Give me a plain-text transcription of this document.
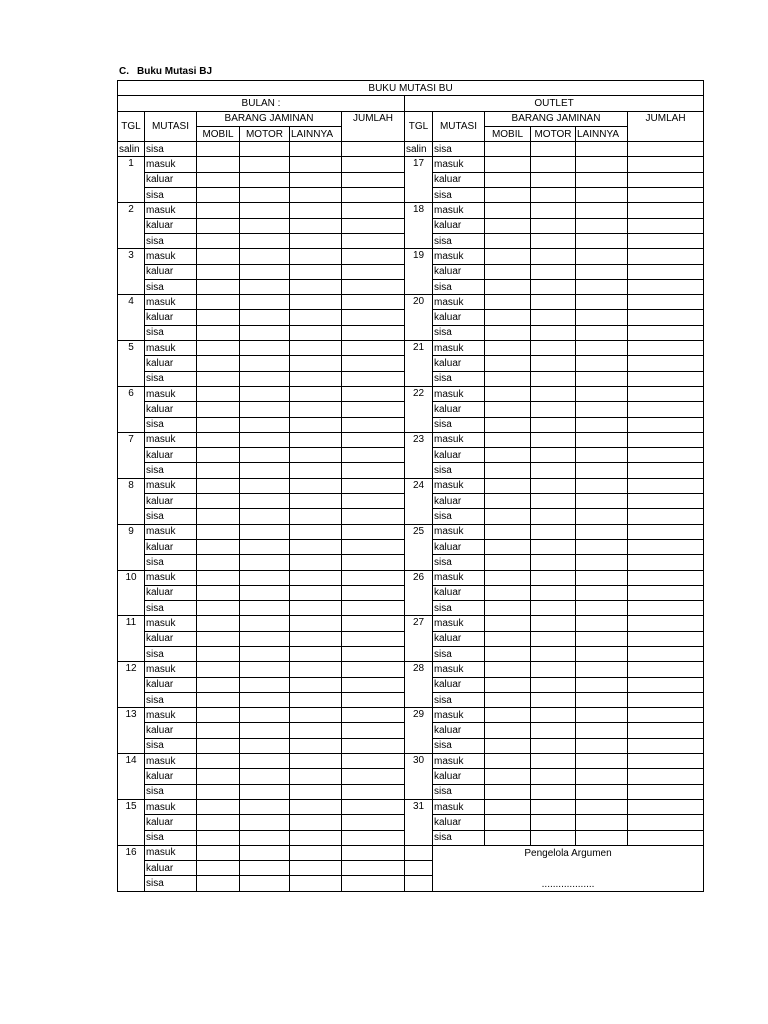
C. Buku Mutasi BJ
BUKU MUTASI BU											
BULAN :						OUTLET					
TGL	MUTASI	BARANG JAMINAN			JUMLAH	TGL	MUTASI	BARANG JAMINAN			JUMLAH
		MOBIL	MOTOR	LAINNYA				MOBIL	MOTOR	LAINNYA	
salin	sisa					salin	sisa				
1	masuk					17	masuk				
	kaluar						kaluar				
	sisa						sisa				
2	masuk					18	masuk				
	kaluar						kaluar				
	sisa						sisa				
3	masuk					19	masuk				
	kaluar						kaluar				
	sisa						sisa				
4	masuk					20	masuk				
	kaluar						kaluar				
	sisa						sisa				
5	masuk					21	masuk				
	kaluar						kaluar				
	sisa						sisa				
6	masuk					22	masuk				
	kaluar						kaluar				
	sisa						sisa				
7	masuk					23	masuk				
	kaluar						kaluar				
	sisa						sisa				
8	masuk					24	masuk				
	kaluar						kaluar				
	sisa						sisa				
9	masuk					25	masuk				
	kaluar						kaluar				
	sisa						sisa				
10	masuk					26	masuk				
	kaluar						kaluar				
	sisa						sisa				
11	masuk					27	masuk				
	kaluar						kaluar				
	sisa						sisa				
12	masuk					28	masuk				
	kaluar						kaluar				
	sisa						sisa				
13	masuk					29	masuk				
	kaluar						kaluar				
	sisa						sisa				
14	masuk					30	masuk				
	kaluar						kaluar				
	sisa						sisa				
15	masuk					31	masuk				
	kaluar						kaluar				
	sisa						sisa				
16	masuk						Pengelola Argumen				
	kaluar						...................				
	sisa										
